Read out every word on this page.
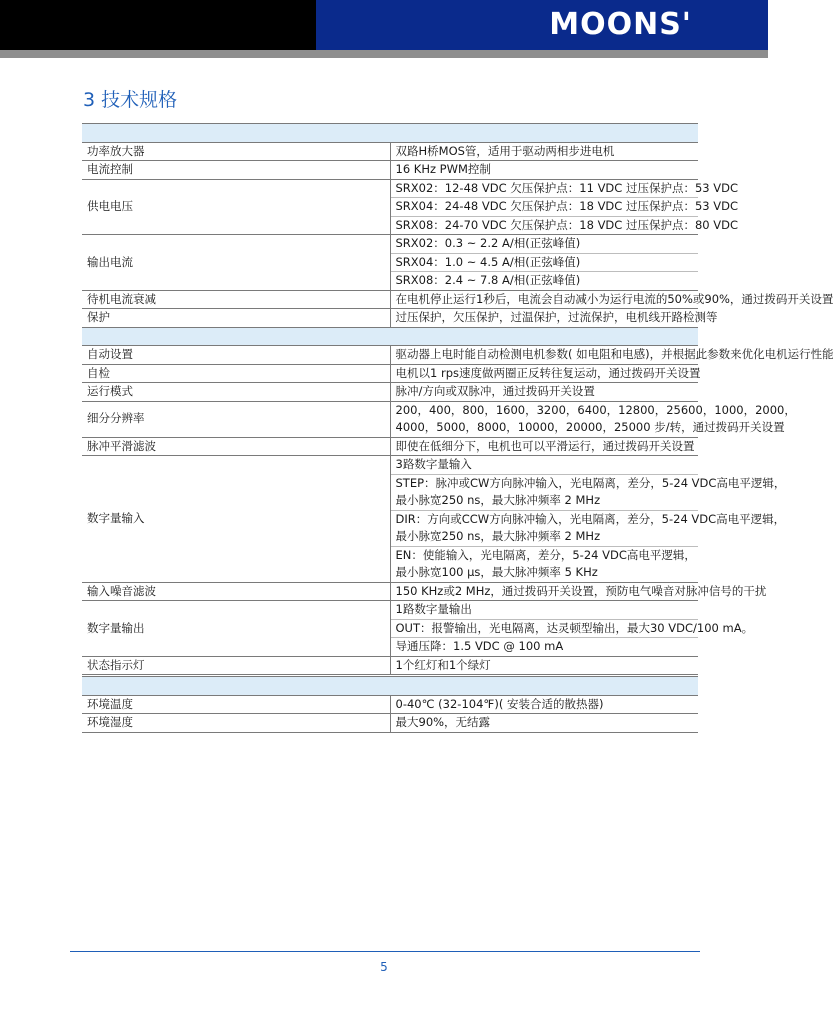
MOONS'
3 技术规格

功率放大器	双路H桥MOS管，适用于驱动两相步进电机
电流控制	16 KHz PWM控制
供电电压	SRX02：12-48 VDC 欠压保护点：11 VDC 过压保护点：53 VDC
	SRX04：24-48 VDC 欠压保护点：18 VDC 过压保护点：53 VDC
	SRX08：24-70 VDC 欠压保护点：18 VDC 过压保护点：80 VDC
输出电流	SRX02：0.3 ~ 2.2 A/相(正弦峰值)
	SRX04：1.0 ~ 4.5 A/相(正弦峰值)
	SRX08：2.4 ~ 7.8 A/相(正弦峰值)
待机电流衰减	在电机停止运行1秒后，电流会自动减小为运行电流的50%或90%，通过拨码开关设置
保护	过压保护，欠压保护，过温保护，过流保护，电机线开路检测等

自动设置	驱动器上电时能自动检测电机参数( 如电阻和电感)，并根据此参数来优化电机运行性能
自检	电机以1 rps速度做两圈正反转往复运动，通过拨码开关设置
运行模式	脉冲/方向或双脉冲，通过拨码开关设置
细分分辨率	200，400，800，1600，3200，6400，12800，25600，1000，2000，
	4000，5000，8000，10000，20000，25000 步/转，通过拨码开关设置
脉冲平滑滤波	即使在低细分下，电机也可以平滑运行，通过拨码开关设置
数字量输入	3路数字量输入
	STEP：脉冲或CW方向脉冲输入，光电隔离，差分，5-24 VDC高电平逻辑，
	最小脉宽250 ns，最大脉冲频率 2 MHz
	DIR：方向或CCW方向脉冲输入，光电隔离，差分，5-24 VDC高电平逻辑，
	最小脉宽250 ns，最大脉冲频率 2 MHz
	EN：使能输入，光电隔离，差分，5-24 VDC高电平逻辑，
	最小脉宽100 μs，最大脉冲频率 5 KHz
输入噪音滤波	150 KHz或2 MHz，通过拨码开关设置，预防电气噪音对脉冲信号的干扰
数字量输出	1路数字量输出
	OUT：报警输出，光电隔离，达灵顿型输出，最大30 VDC/100 mA。
	导通压降：1.5 VDC @ 100 mA
状态指示灯	1个红灯和1个绿灯

环境温度	0-40℃ (32-104℉)( 安装合适的散热器)
环境湿度	最大90%，无结露
5
